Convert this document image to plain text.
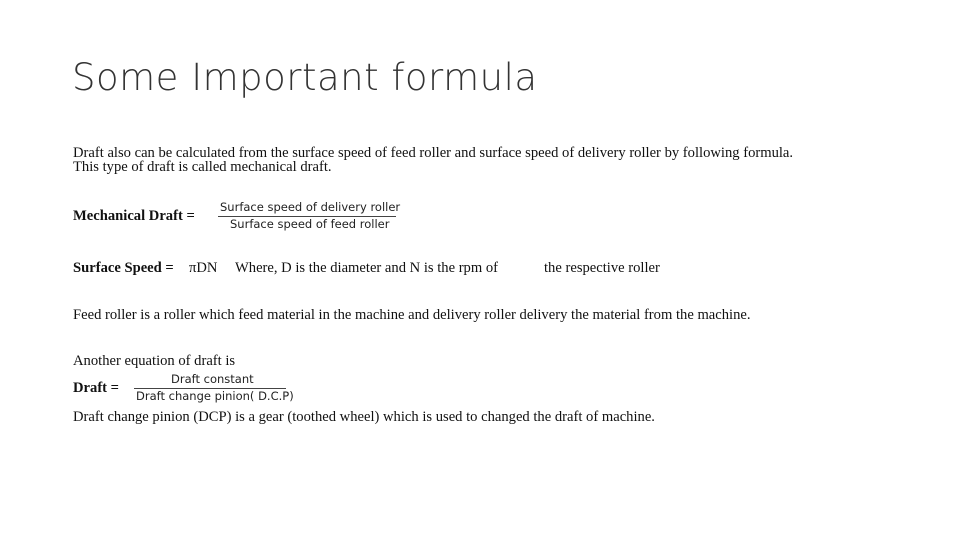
Some Important formula
Draft also can be calculated from the surface speed of feed roller and surface speed of delivery roller by following formula.
This type of draft is called mechanical draft.
Mechanical Draft =
Surface speed of delivery roller
Surface speed of feed roller
Surface Speed = πDN Where, D is the diameter and N is the rpm of	the respective roller
Feed roller is a roller which feed material in the machine and delivery roller delivery the material from the machine.
Another equation of draft is
Draft =
Draft constant
Draft change pinion( D.C.P)
Draft change pinion (DCP) is a gear (toothed wheel) which is used to changed the draft of machine.
